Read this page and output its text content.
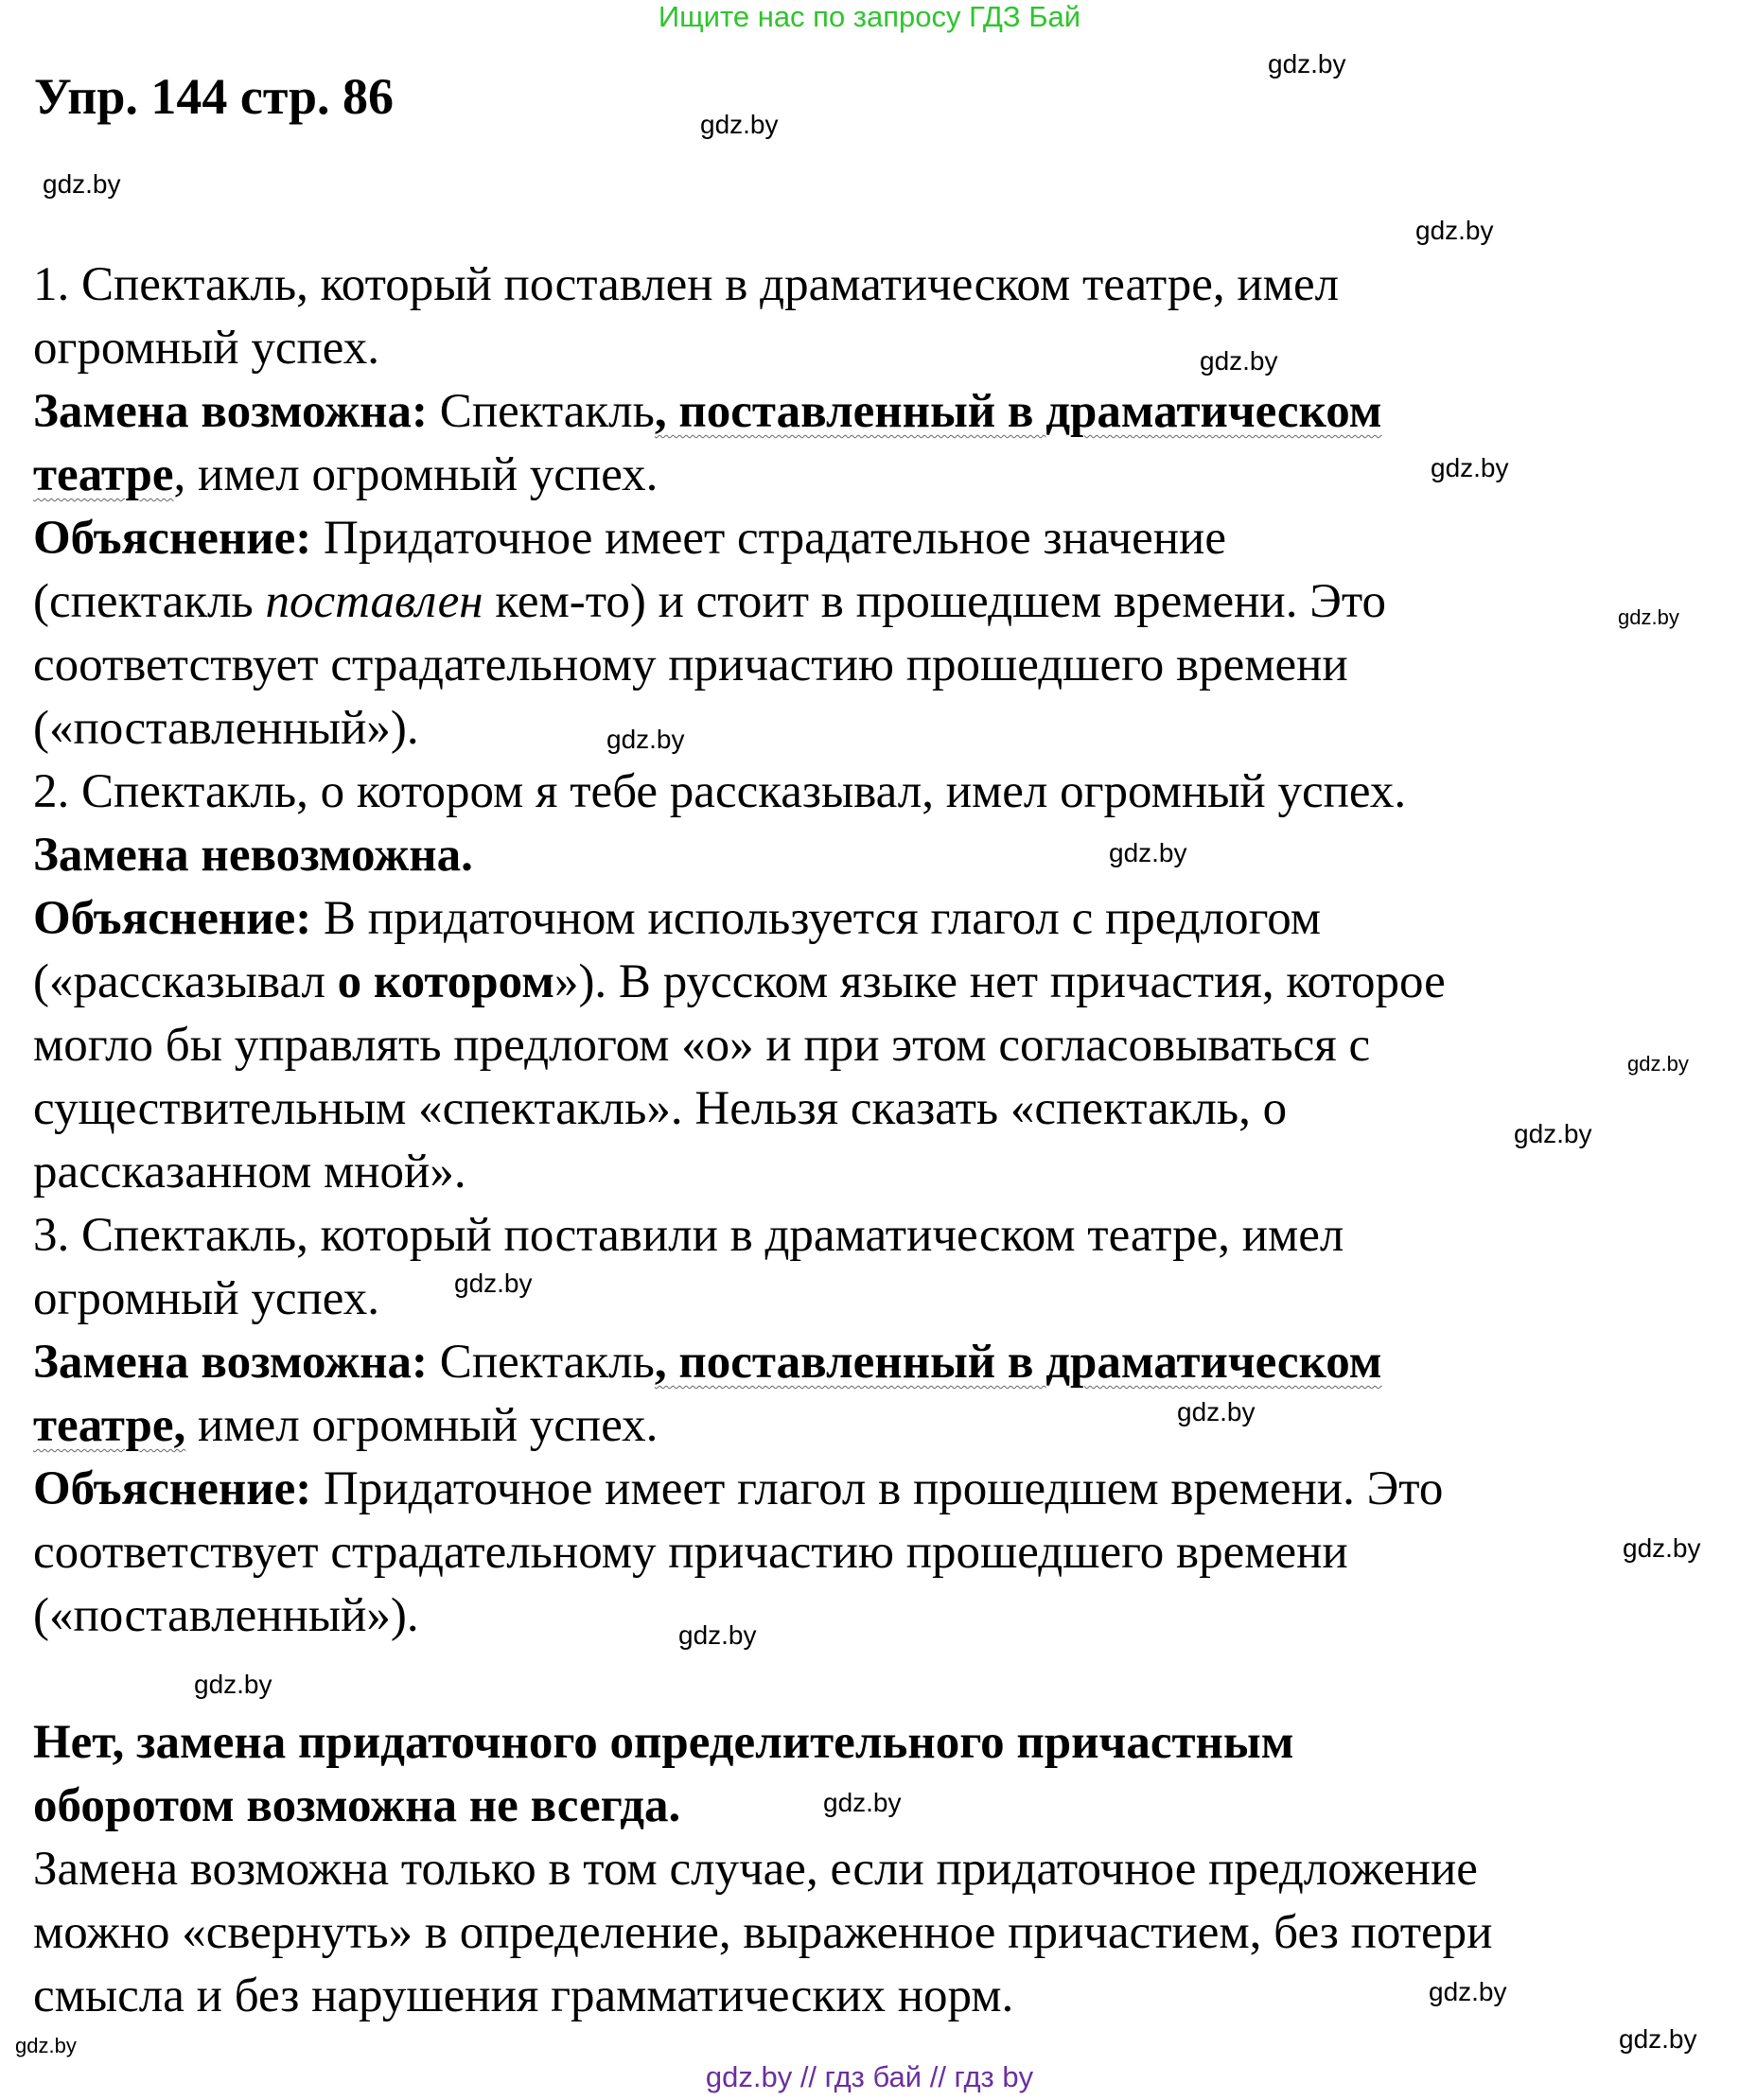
Ищите нас по запросу ГДЗ Бай
Упр. 144 стр. 86
1. Спектакль, который поставлен в драматическом театре, имел
огромный успех.
Замена возможна: Спектакль, поставленный в драматическом
театре, имел огромный успех.
Объяснение: Придаточное имеет страдательное значение
(спектакль поставлен кем-то) и стоит в прошедшем времени. Это
соответствует страдательному причастию прошедшего времени
(«поставленный»).
2. Спектакль, о котором я тебе рассказывал, имел огромный успех.
Замена невозможна.
Объяснение: В придаточном используется глагол с предлогом
(«рассказывал о котором»). В русском языке нет причастия, которое
могло бы управлять предлогом «о» и при этом согласовываться с
существительным «спектакль». Нельзя сказать «спектакль, о
рассказанном мной».
3. Спектакль, который поставили в драматическом театре, имел
огромный успех.
Замена возможна: Спектакль, поставленный в драматическом
театре, имел огромный успех.
Объяснение: Придаточное имеет глагол в прошедшем времени. Это
соответствует страдательному причастию прошедшего времени
(«поставленный»).
Нет, замена придаточного определительного причастным
оборотом возможна не всегда.
Замена возможна только в том случае, если придаточное предложение
можно «свернуть» в определение, выраженное причастием, без потери
смысла и без нарушения грамматических норм.
gdz.by
gdz.by
gdz.by
gdz.by
gdz.by
gdz.by
gdz.by
gdz.by
gdz.by
gdz.by
gdz.by
gdz.by
gdz.by
gdz.by
gdz.by
gdz.by
gdz.by
gdz.by
gdz.by
gdz.by
gdz.by // гдз бай // гдз by
